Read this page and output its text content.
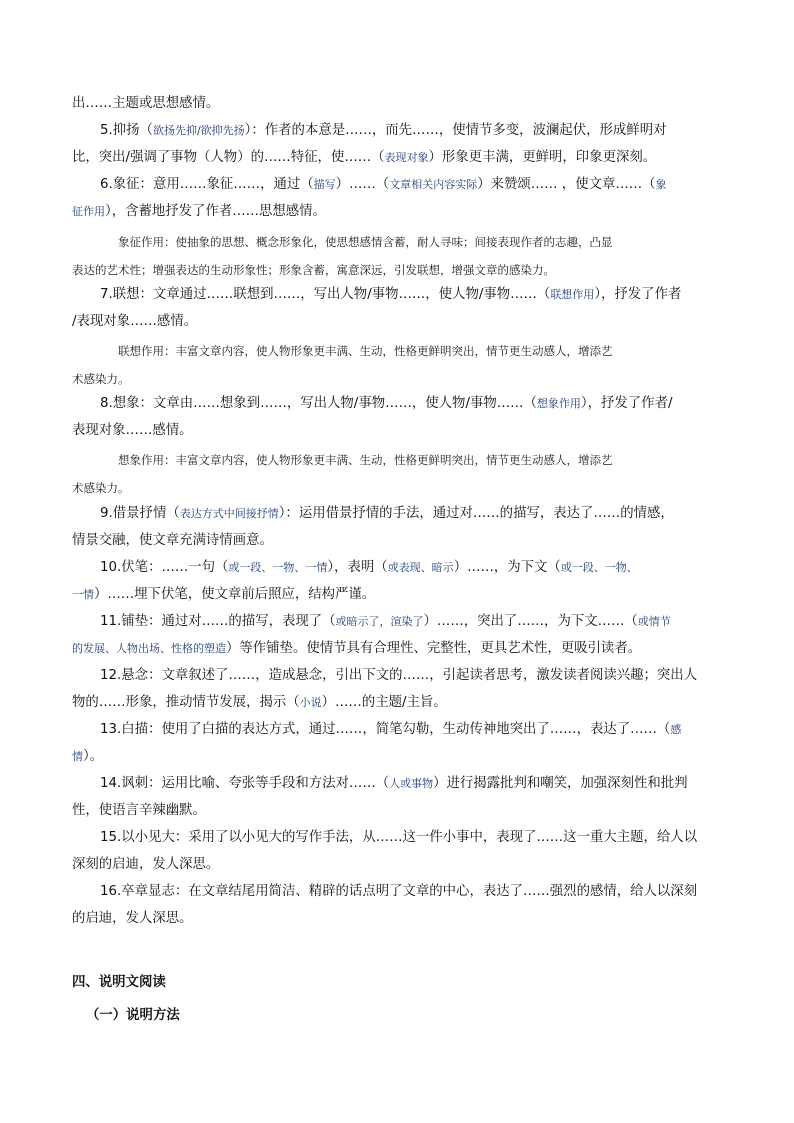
出……主题或思想感情。
5.抑扬（欲扬先抑/欲抑先扬）：作者的本意是……，而先……，使情节多变，波澜起伏，形成鲜明对
比，突出/强调了事物（人物）的……特征，使……（表现对象）形象更丰满，更鲜明，印象更深刻。
6.象征：意用……象征……，通过（描写）……（文章相关内容实际）来赞颂…… ，使文章……（象
征作用），含蓄地抒发了作者……思想感情。
象征作用：使抽象的思想、概念形象化，使思想感情含蓄，耐人寻味；间接表现作者的志趣，凸显
表达的艺术性；增强表达的生动形象性；形象含蓄，寓意深远，引发联想，增强文章的感染力。
7.联想：文章通过……联想到……，写出人物/事物……，使人物/事物……（联想作用），抒发了作者
/表现对象……感情。
联想作用：丰富文章内容，使人物形象更丰满、生动，性格更鲜明突出，情节更生动感人，增添艺
术感染力。
8.想象：文章由……想象到……，写出人物/事物……，使人物/事物……（想象作用），抒发了作者/
表现对象……感情。
想象作用：丰富文章内容，使人物形象更丰满、生动，性格更鲜明突出，情节更生动感人，增添艺
术感染力。
9.借景抒情（表达方式中间接抒情）：运用借景抒情的手法，通过对……的描写，表达了……的情感，
情景交融，使文章充满诗情画意。
10.伏笔：……一句（或一段、一物、一情），表明（或表现、暗示）……，为下文（或一段、一物、
一情）……埋下伏笔，使文章前后照应，结构严谨。
11.铺垫：通过对……的描写，表现了（或暗示了，渲染了）……，突出了……，为下文……（或情节
的发展、人物出场、性格的塑造）等作铺垫。使情节具有合理性、完整性，更具艺术性，更吸引读者。
12.悬念：文章叙述了……，造成悬念，引出下文的……，引起读者思考，激发读者阅读兴趣；突出人
物的……形象，推动情节发展，揭示（小说）……的主题/主旨。
13.白描：使用了白描的表达方式，通过……，简笔勾勒，生动传神地突出了……，表达了……（感
情）。
14.讽刺：运用比喻、夸张等手段和方法对……（人或事物）进行揭露批判和嘲笑，加强深刻性和批判
性，使语言辛辣幽默。
15.以小见大：采用了以小见大的写作手法，从……这一件小事中，表现了……这一重大主题，给人以
深刻的启迪，发人深思。
16.卒章显志：在文章结尾用简洁、精辟的话点明了文章的中心，表达了……强烈的感情，给人以深刻
的启迪，发人深思。
四、说明文阅读
（一）说明方法
